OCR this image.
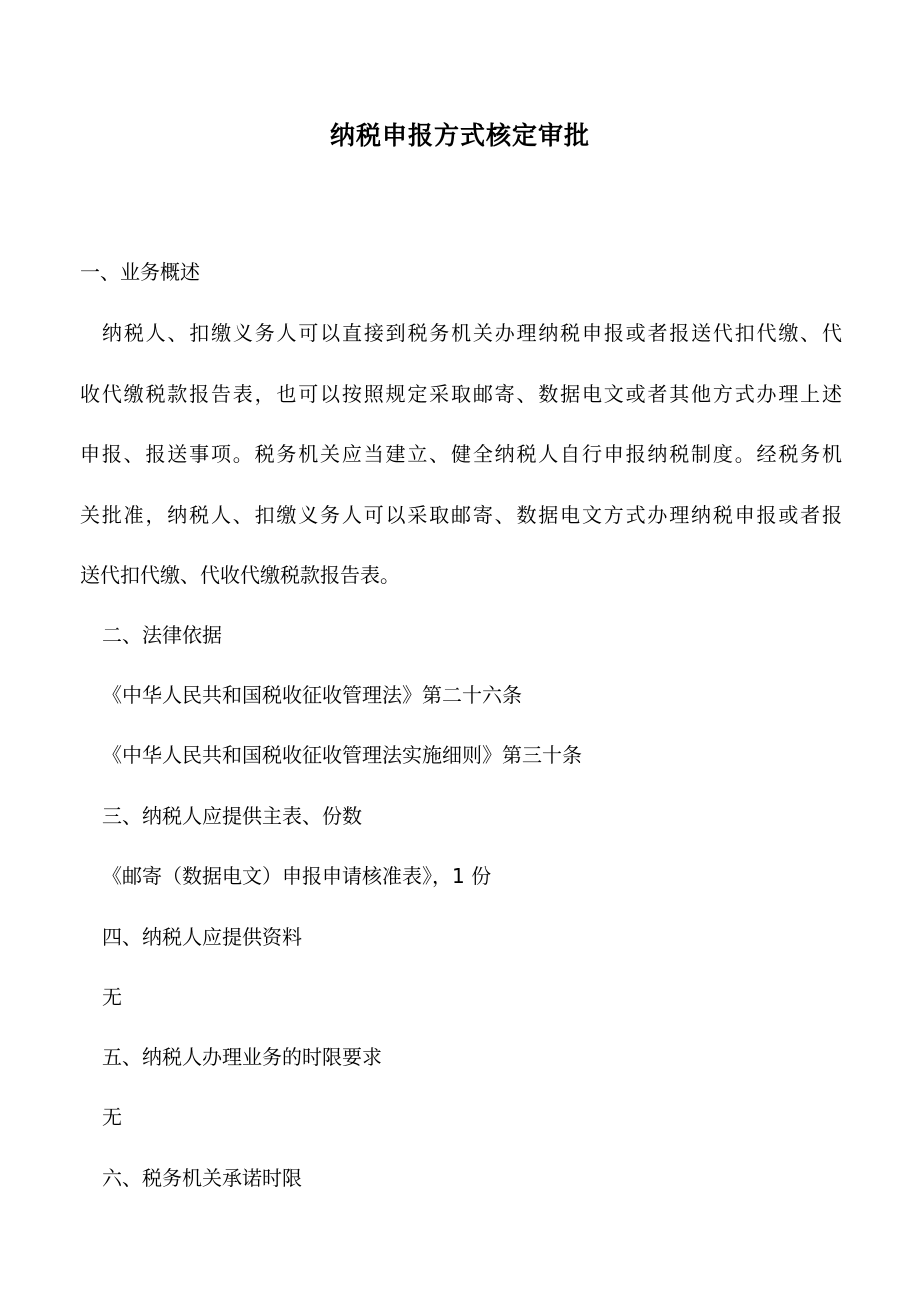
纳税申报方式核定审批
一、业务概述
纳税人、扣缴义务人可以直接到税务机关办理纳税申报或者报送代扣代缴、代
收代缴税款报告表，也可以按照规定采取邮寄、数据电文或者其他方式办理上述
申报、报送事项。税务机关应当建立、健全纳税人自行申报纳税制度。经税务机
关批准，纳税人、扣缴义务人可以采取邮寄、数据电文方式办理纳税申报或者报
送代扣代缴、代收代缴税款报告表。
二、法律依据
《中华人民共和国税收征收管理法》第二十六条
《中华人民共和国税收征收管理法实施细则》第三十条
三、纳税人应提供主表、份数
《邮寄（数据电文）申报申请核准表》，1 份
四、纳税人应提供资料
无
五、纳税人办理业务的时限要求
无
六、税务机关承诺时限
